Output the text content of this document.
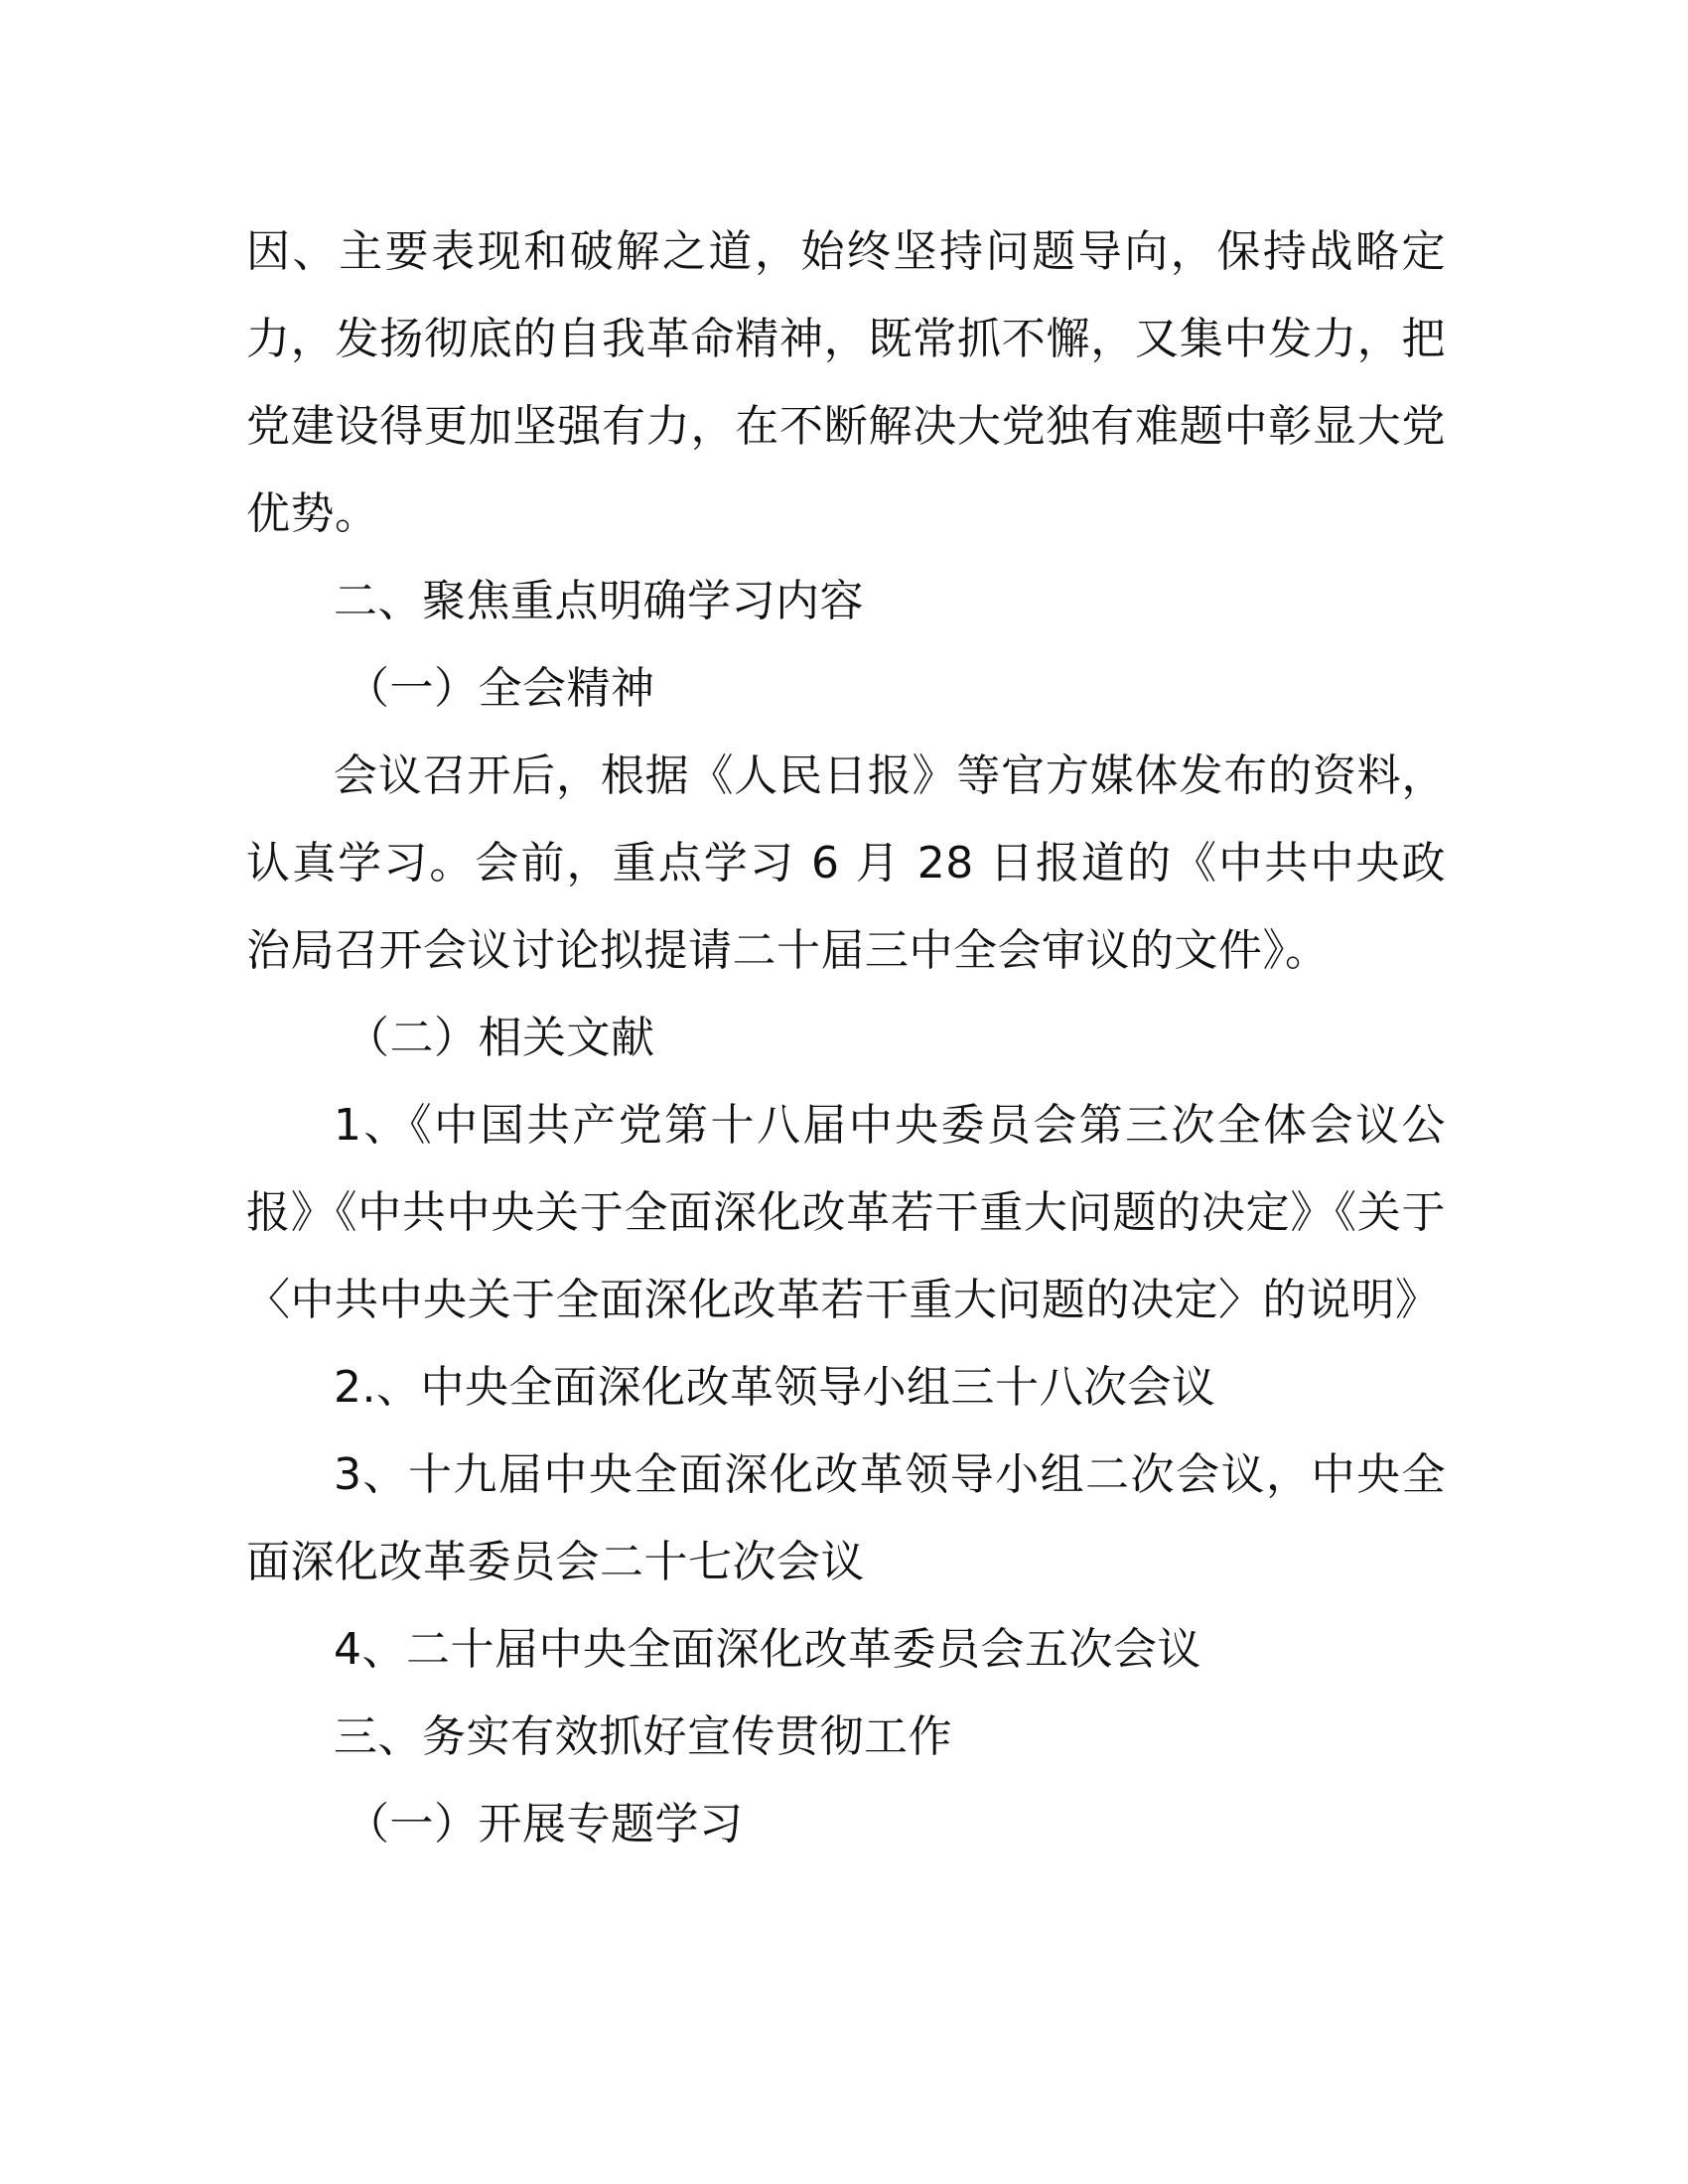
因、主要表现和破解之道，始终坚持问题导向，保持战略定力，发扬彻底的自我革命精神，既常抓不懈，又集中发力，把党建设得更加坚强有力，在不断解决大党独有难题中彰显大党优势。

二、聚焦重点明确学习内容

（一）全会精神

会议召开后，根据《人民日报》等官方媒体发布的资料，认真学习。会前，重点学习 6 月 28 日报道的《中共中央政治局召开会议讨论拟提请二十届三中全会审议的文件》。

（二）相关文献

1、《中国共产党第十八届中央委员会第三次全体会议公报》《中共中央关于全面深化改革若干重大问题的决定》《关于〈中共中央关于全面深化改革若干重大问题的决定〉的说明》

2.、中央全面深化改革领导小组三十八次会议

3、十九届中央全面深化改革领导小组二次会议，中央全面深化改革委员会二十七次会议

4、二十届中央全面深化改革委员会五次会议

三、务实有效抓好宣传贯彻工作

（一）开展专题学习
